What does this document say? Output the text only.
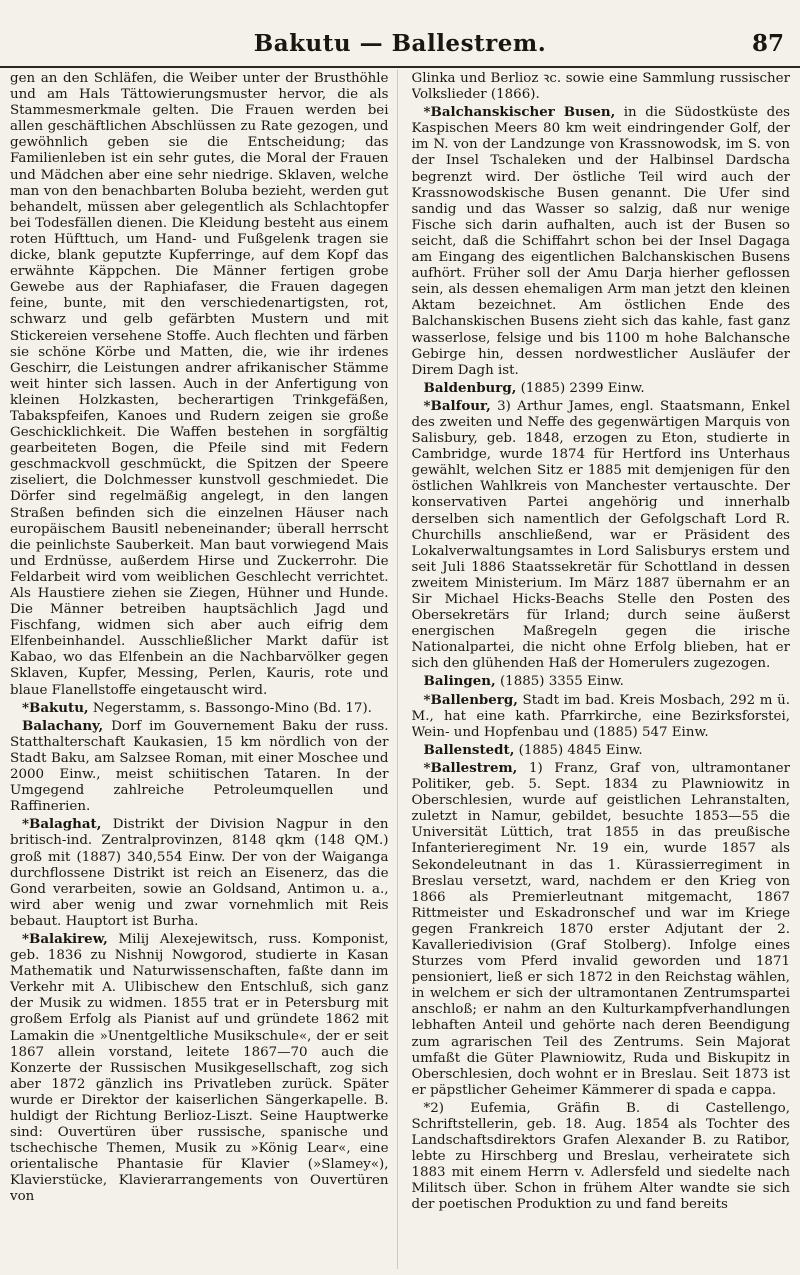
Bakutu — Ballestrem.	87

gen an den Schläfen, die Weiber unter der Brusthöhle und am Hals Tättowierungsmuster hervor, die als Stammesmerkmale gelten. Die Frauen werden bei allen geschäftlichen Abschlüssen zu Rate gezogen, und gewöhnlich geben sie die Entscheidung; das Familienleben ist ein sehr gutes, die Moral der Frauen und Mädchen aber eine sehr niedrige. Sklaven, welche man von den benachbarten Boluba bezieht, werden gut behandelt, müssen aber gelegentlich als Schlachtopfer bei Todesfällen dienen. Die Kleidung besteht aus einem roten Hüfttuch, um Hand- und Fußgelenk tragen sie dicke, blank geputzte Kupferringe, auf dem Kopf das erwähnte Käppchen. Die Männer fertigen grobe Gewebe aus der Raphiafaser, die Frauen dagegen feine, bunte, mit den verschiedenartigsten, rot, schwarz und gelb gefärbten Mustern und mit Stickereien versehene Stoffe. Auch flechten und färben sie schöne Körbe und Matten, die, wie ihr irdenes Geschirr, die Leistungen andrer afrikanischer Stämme weit hinter sich lassen. Auch in der Anfertigung von kleinen Holzkasten, becherartigen Trinkgefäßen, Tabakspfeifen, Kanoes und Rudern zeigen sie große Geschicklichkeit. Die Waffen bestehen in sorgfältig gearbeiteten Bogen, die Pfeile sind mit Federn geschmackvoll geschmückt, die Spitzen der Speere ziseliert, die Dolchmesser kunstvoll geschmiedet. Die Dörfer sind regelmäßig angelegt, in den langen Straßen befinden sich die einzelnen Häuser nach europäischem Bausitl nebeneinander; überall herrscht die peinlichste Sauberkeit. Man baut vorwiegend Mais und Erdnüsse, außerdem Hirse und Zuckerrohr. Die Feldarbeit wird vom weiblichen Geschlecht verrichtet. Als Haustiere ziehen sie Ziegen, Hühner und Hunde. Die Männer betreiben hauptsächlich Jagd und Fischfang, widmen sich aber auch eifrig dem Elfenbeinhandel. Ausschließlicher Markt dafür ist Kabao, wo das Elfenbein an die Nachbarvölker gegen Sklaven, Kupfer, Messing, Perlen, Kauris, rote und blaue Flanellstoffe eingetauscht wird.

*Bakutu, Negerstamm, s. Bassongo-Mino (Bd. 17).

Balachany, Dorf im Gouvernement Baku der russ. Statthalterschaft Kaukasien, 15 km nördlich von der Stadt Baku, am Salzsee Roman, mit einer Moschee und 2000 Einw., meist schiitischen Tataren. In der Umgegend zahlreiche Petroleumquellen und Raffinerien.

*Balaghat, Distrikt der Division Nagpur in den britisch-ind. Zentralprovinzen, 8148 qkm (148 QM.) groß mit (1887) 340,554 Einw. Der von der Waiganga durchflossene Distrikt ist reich an Eisenerz, das die Gond verarbeiten, sowie an Goldsand, Antimon u. a., wird aber wenig und zwar vornehmlich mit Reis bebaut. Hauptort ist Burha.

*Balakirew, Milij Alexejewitsch, russ. Komponist, geb. 1836 zu Nishnij Nowgorod, studierte in Kasan Mathematik und Naturwissenschaften, faßte dann im Verkehr mit A. Ulibischew den Entschluß, sich ganz der Musik zu widmen. 1855 trat er in Petersburg mit großem Erfolg als Pianist auf und gründete 1862 mit Lamakin die »Unentgeltliche Musikschule«, der er seit 1867 allein vorstand, leitete 1867—70 auch die Konzerte der Russischen Musikgesellschaft, zog sich aber 1872 gänzlich ins Privatleben zurück. Später wurde er Direktor der kaiserlichen Sängerkapelle. B. huldigt der Richtung Berlioz-Liszt. Seine Hauptwerke sind: Ouvertüren über russische, spanische und tschechische Themen, Musik zu »König Lear«, eine orientalische Phantasie für Klavier (»Slamey«), Klavierstücke, Klavierarrangements von Ouvertüren von

Glinka und Berlioz ꝛc. sowie eine Sammlung russischer Volkslieder (1866).

*Balchanskischer Busen, in die Südostküste des Kaspischen Meers 80 km weit eindringender Golf, der im N. von der Landzunge von Krassnowodsk, im S. von der Insel Tschaleken und der Halbinsel Dardscha begrenzt wird. Der östliche Teil wird auch der Krassnowodskische Busen genannt. Die Ufer sind sandig und das Wasser so salzig, daß nur wenige Fische sich darin aufhalten, auch ist der Busen so seicht, daß die Schiffahrt schon bei der Insel Dagaga am Eingang des eigentlichen Balchanskischen Busens aufhört. Früher soll der Amu Darja hierher geflossen sein, als dessen ehemaligen Arm man jetzt den kleinen Aktam bezeichnet. Am östlichen Ende des Balchanskischen Busens zieht sich das kahle, fast ganz wasserlose, felsige und bis 1100 m hohe Balchansche Gebirge hin, dessen nordwestlicher Ausläufer der Direm Dagh ist.

Baldenburg, (1885) 2399 Einw.

*Balfour, 3) Arthur James, engl. Staatsmann, Enkel des zweiten und Neffe des gegenwärtigen Marquis von Salisbury, geb. 1848, erzogen zu Eton, studierte in Cambridge, wurde 1874 für Hertford ins Unterhaus gewählt, welchen Sitz er 1885 mit demjenigen für den östlichen Wahlkreis von Manchester vertauschte. Der konservativen Partei angehörig und innerhalb derselben sich namentlich der Gefolgschaft Lord R. Churchills anschließend, war er Präsident des Lokalverwaltungsamtes in Lord Salisburys erstem und seit Juli 1886 Staatssekretär für Schottland in dessen zweitem Ministerium. Im März 1887 übernahm er an Sir Michael Hicks-Beachs Stelle den Posten des Obersekretärs für Irland; durch seine äußerst energischen Maßregeln gegen die irische Nationalpartei, die nicht ohne Erfolg blieben, hat er sich den glühenden Haß der Homerulers zugezogen.

Balingen, (1885) 3355 Einw.

*Ballenberg, Stadt im bad. Kreis Mosbach, 292 m ü. M., hat eine kath. Pfarrkirche, eine Bezirksforstei, Wein- und Hopfenbau und (1885) 547 Einw.

Ballenstedt, (1885) 4845 Einw.

*Ballestrem, 1) Franz, Graf von, ultramontaner Politiker, geb. 5. Sept. 1834 zu Plawniowitz in Oberschlesien, wurde auf geistlichen Lehranstalten, zuletzt in Namur, gebildet, besuchte 1853—55 die Universität Lüttich, trat 1855 in das preußische Infanterieregiment Nr. 19 ein, wurde 1857 als Sekondeleutnant in das 1. Kürassierregiment in Breslau versetzt, ward, nachdem er den Krieg von 1866 als Premierleutnant mitgemacht, 1867 Rittmeister und Eskadronschef und war im Kriege gegen Frankreich 1870 erster Adjutant der 2. Kavalleriedivision (Graf Stolberg). Infolge eines Sturzes vom Pferd invalid geworden und 1871 pensioniert, ließ er sich 1872 in den Reichstag wählen, in welchem er sich der ultramontanen Zentrumspartei anschloß; er nahm an den Kulturkampfverhandlungen lebhaften Anteil und gehörte nach deren Beendigung zum agrarischen Teil des Zentrums. Sein Majorat umfaßt die Güter Plawniowitz, Ruda und Biskupitz in Oberschlesien, doch wohnt er in Breslau. Seit 1873 ist er päpstlicher Geheimer Kämmerer di spada e cappa.

*2) Eufemia, Gräfin B. di Castellengo, Schriftstellerin, geb. 18. Aug. 1854 als Tochter des Landschaftsdirektors Grafen Alexander B. zu Ratibor, lebte zu Hirschberg und Breslau, verheiratete sich 1883 mit einem Herrn v. Adlersfeld und siedelte nach Militsch über. Schon in frühem Alter wandte sie sich der poetischen Produktion zu und fand bereits
